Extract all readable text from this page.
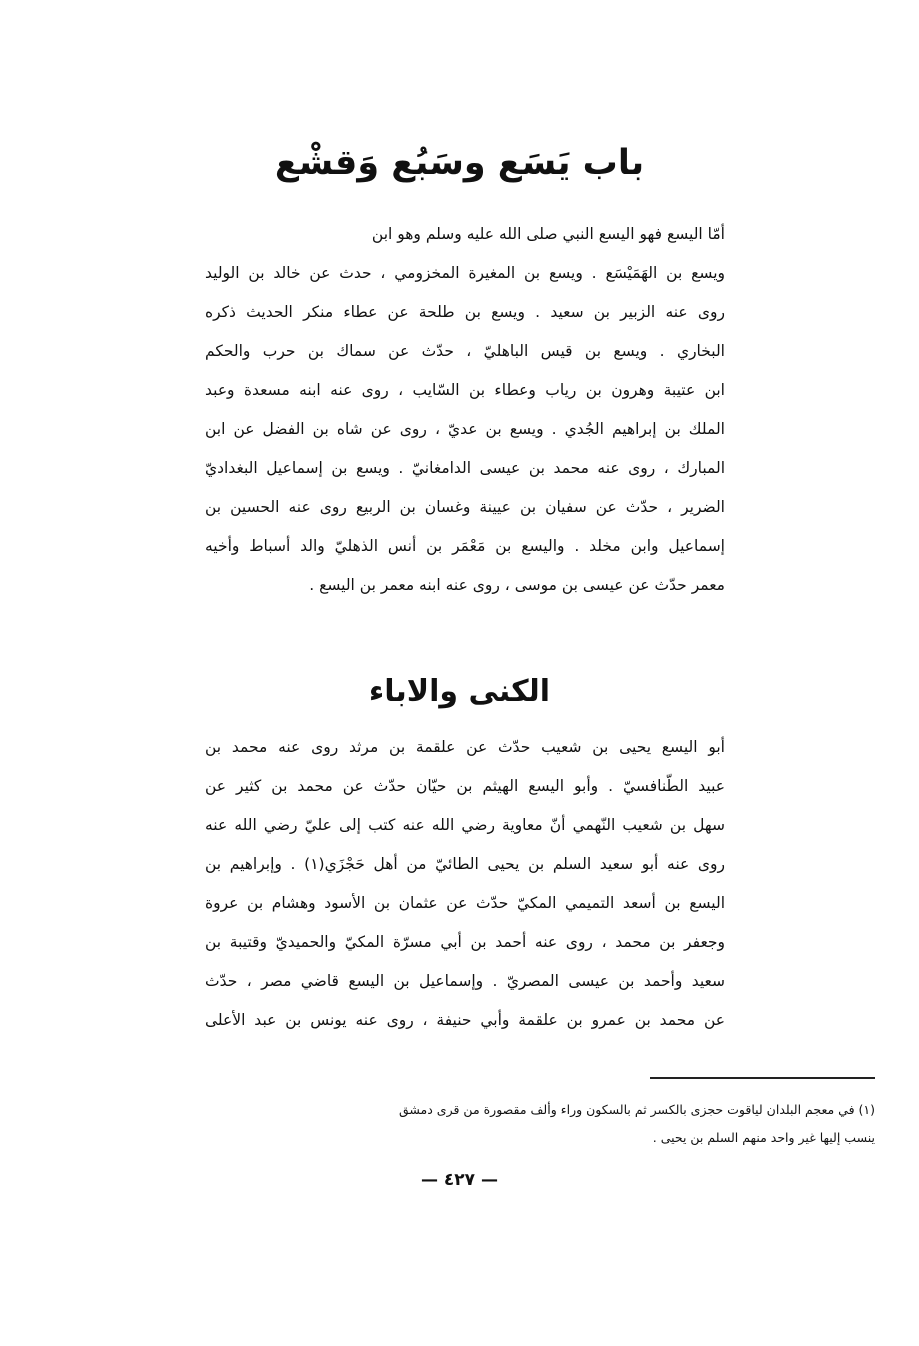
باب يَسَع وسَبُع وَقشْع
أمّا اليسع فهو اليسع النبي صلى الله عليه وسلم وهو ابن
ويسع بن الهَمَيْسَع . ويسع بن المغيرة المخزومي ، حدث عن خالد بن الوليد
روى عنه الزبير بن سعيد . ويسع بن طلحة عن عطاء منكر الحديث ذكره
البخاري . ويسع بن قيس الباهليّ ، حدّث عن سماك بن حرب والحكم
ابن عتيبة وهرون بن رياب وعطاء بن السّايب ، روى عنه ابنه مسعدة وعبد
الملك بن إبراهيم الجُدي . ويسع بن عديّ ، روى عن شاه بن الفضل عن ابن
المبارك ، روى عنه محمد بن عيسى الدامغانيّ . ويسع بن إسماعيل البغداديّ
الضرير ، حدّث عن سفيان بن عيينة وغسان بن الربيع روى عنه الحسين بن
إسماعيل وابن مخلد . واليسع بن مَعْمَر بن أنس الذهليّ والد أسباط وأخيه
معمر حدّث عن عيسى بن موسى ، روى عنه ابنه معمر بن اليسع .
الكنى والاباء
أبو اليسع يحيى بن شعيب حدّث عن علقمة بن مرثد روى عنه محمد بن
عبيد الطّنافسيّ . وأبو اليسع الهيثم بن حيّان حدّث عن محمد بن كثير عن
سهل بن شعيب النّهمي أنّ معاوية رضي الله عنه كتب إلى عليّ رضي الله عنه
روى عنه أبو سعيد السلم بن يحيى الطائيّ من أهل حَجْزَي(١) . وإبراهيم بن
اليسع بن أسعد التميمي المكيّ حدّث عن عثمان بن الأسود وهشام بن عروة
وجعفر بن محمد ، روى عنه أحمد بن أبي مسرّة المكيّ والحميديّ وقتيبة بن
سعيد وأحمد بن عيسى المصريّ . وإسماعيل بن اليسع قاضي مصر ، حدّث
عن محمد بن عمرو بن علقمة وأبي حنيفة ، روى عنه يونس بن عبد الأعلى
(١) في معجم البلدان لياقوت حجزى بالكسر ثم بالسكون وراء وألف مقصورة من قرى دمشق
ينسب إليها غير واحد منهم السلم بن يحيى .
— ٤٢٧ —
